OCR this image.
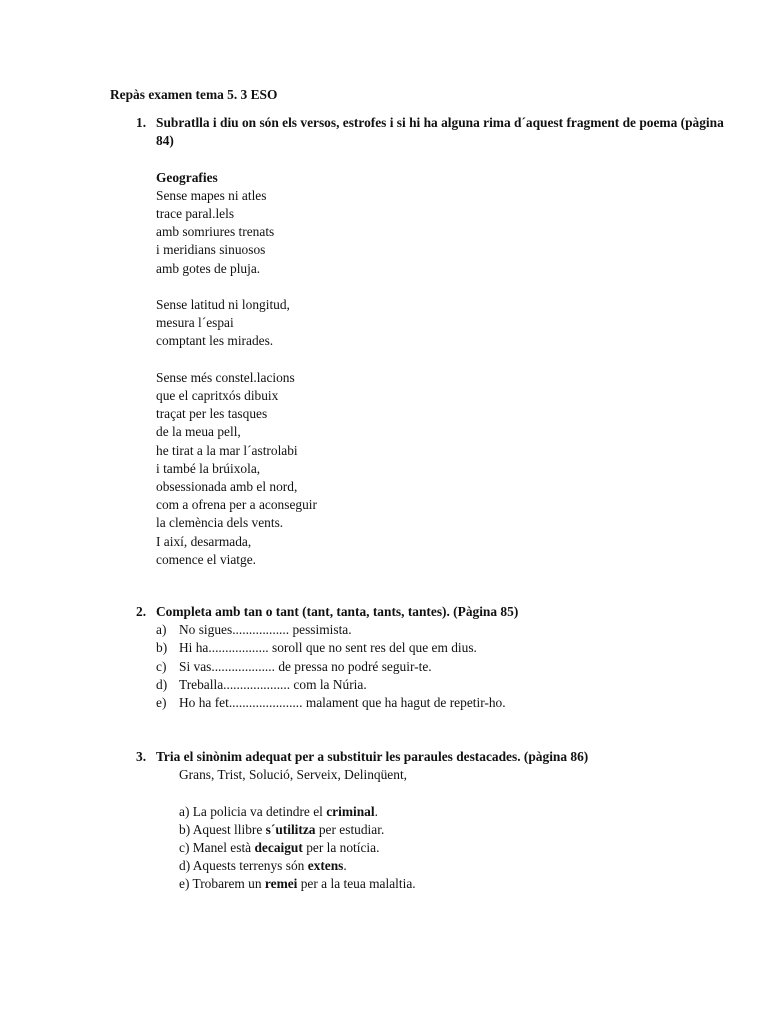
Repàs examen tema 5. 3 ESO
1. Subratlla i diu on són els versos, estrofes i si hi ha alguna rima d´aquest fragment de poema (pàgina 84)
Geografies
Sense mapes ni atles
trace paral.lels
amb somriures trenats
i meridians sinuosos
amb gotes de pluja.
Sense latitud ni longitud,
mesura l´espai
comptant les mirades.
Sense més constel.lacions
que el capritxós dibuix
traçat per les tasques
de la meua pell,
he tirat a la mar l´astrolabi
i també la brúixola,
obsessionada amb el nord,
com a ofrena per a aconseguir
la clemència dels vents.
I així, desarmada,
comence el viatge.
2. Completa amb tan o tant (tant, tanta, tants, tantes). (Pàgina 85)
a) No sigues................. pessimista.
b) Hi ha.................. soroll que no sent res del que em dius.
c) Si vas................... de pressa no podré seguir-te.
d) Treballa.................... com la Núria.
e) Ho ha fet...................... malament que ha hagut de repetir-ho.
3. Tria el sinònim adequat per a substituir les paraules destacades. (pàgina 86)
Grans, Trist, Solució, Serveix, Delinqüent,
a) La policia va detindre el criminal.
b) Aquest llibre s´utilitza per estudiar.
c) Manel està decaigut per la notícia.
d) Aquests terrenys són extens.
e) Trobarem un remei per a la teua malaltia.
